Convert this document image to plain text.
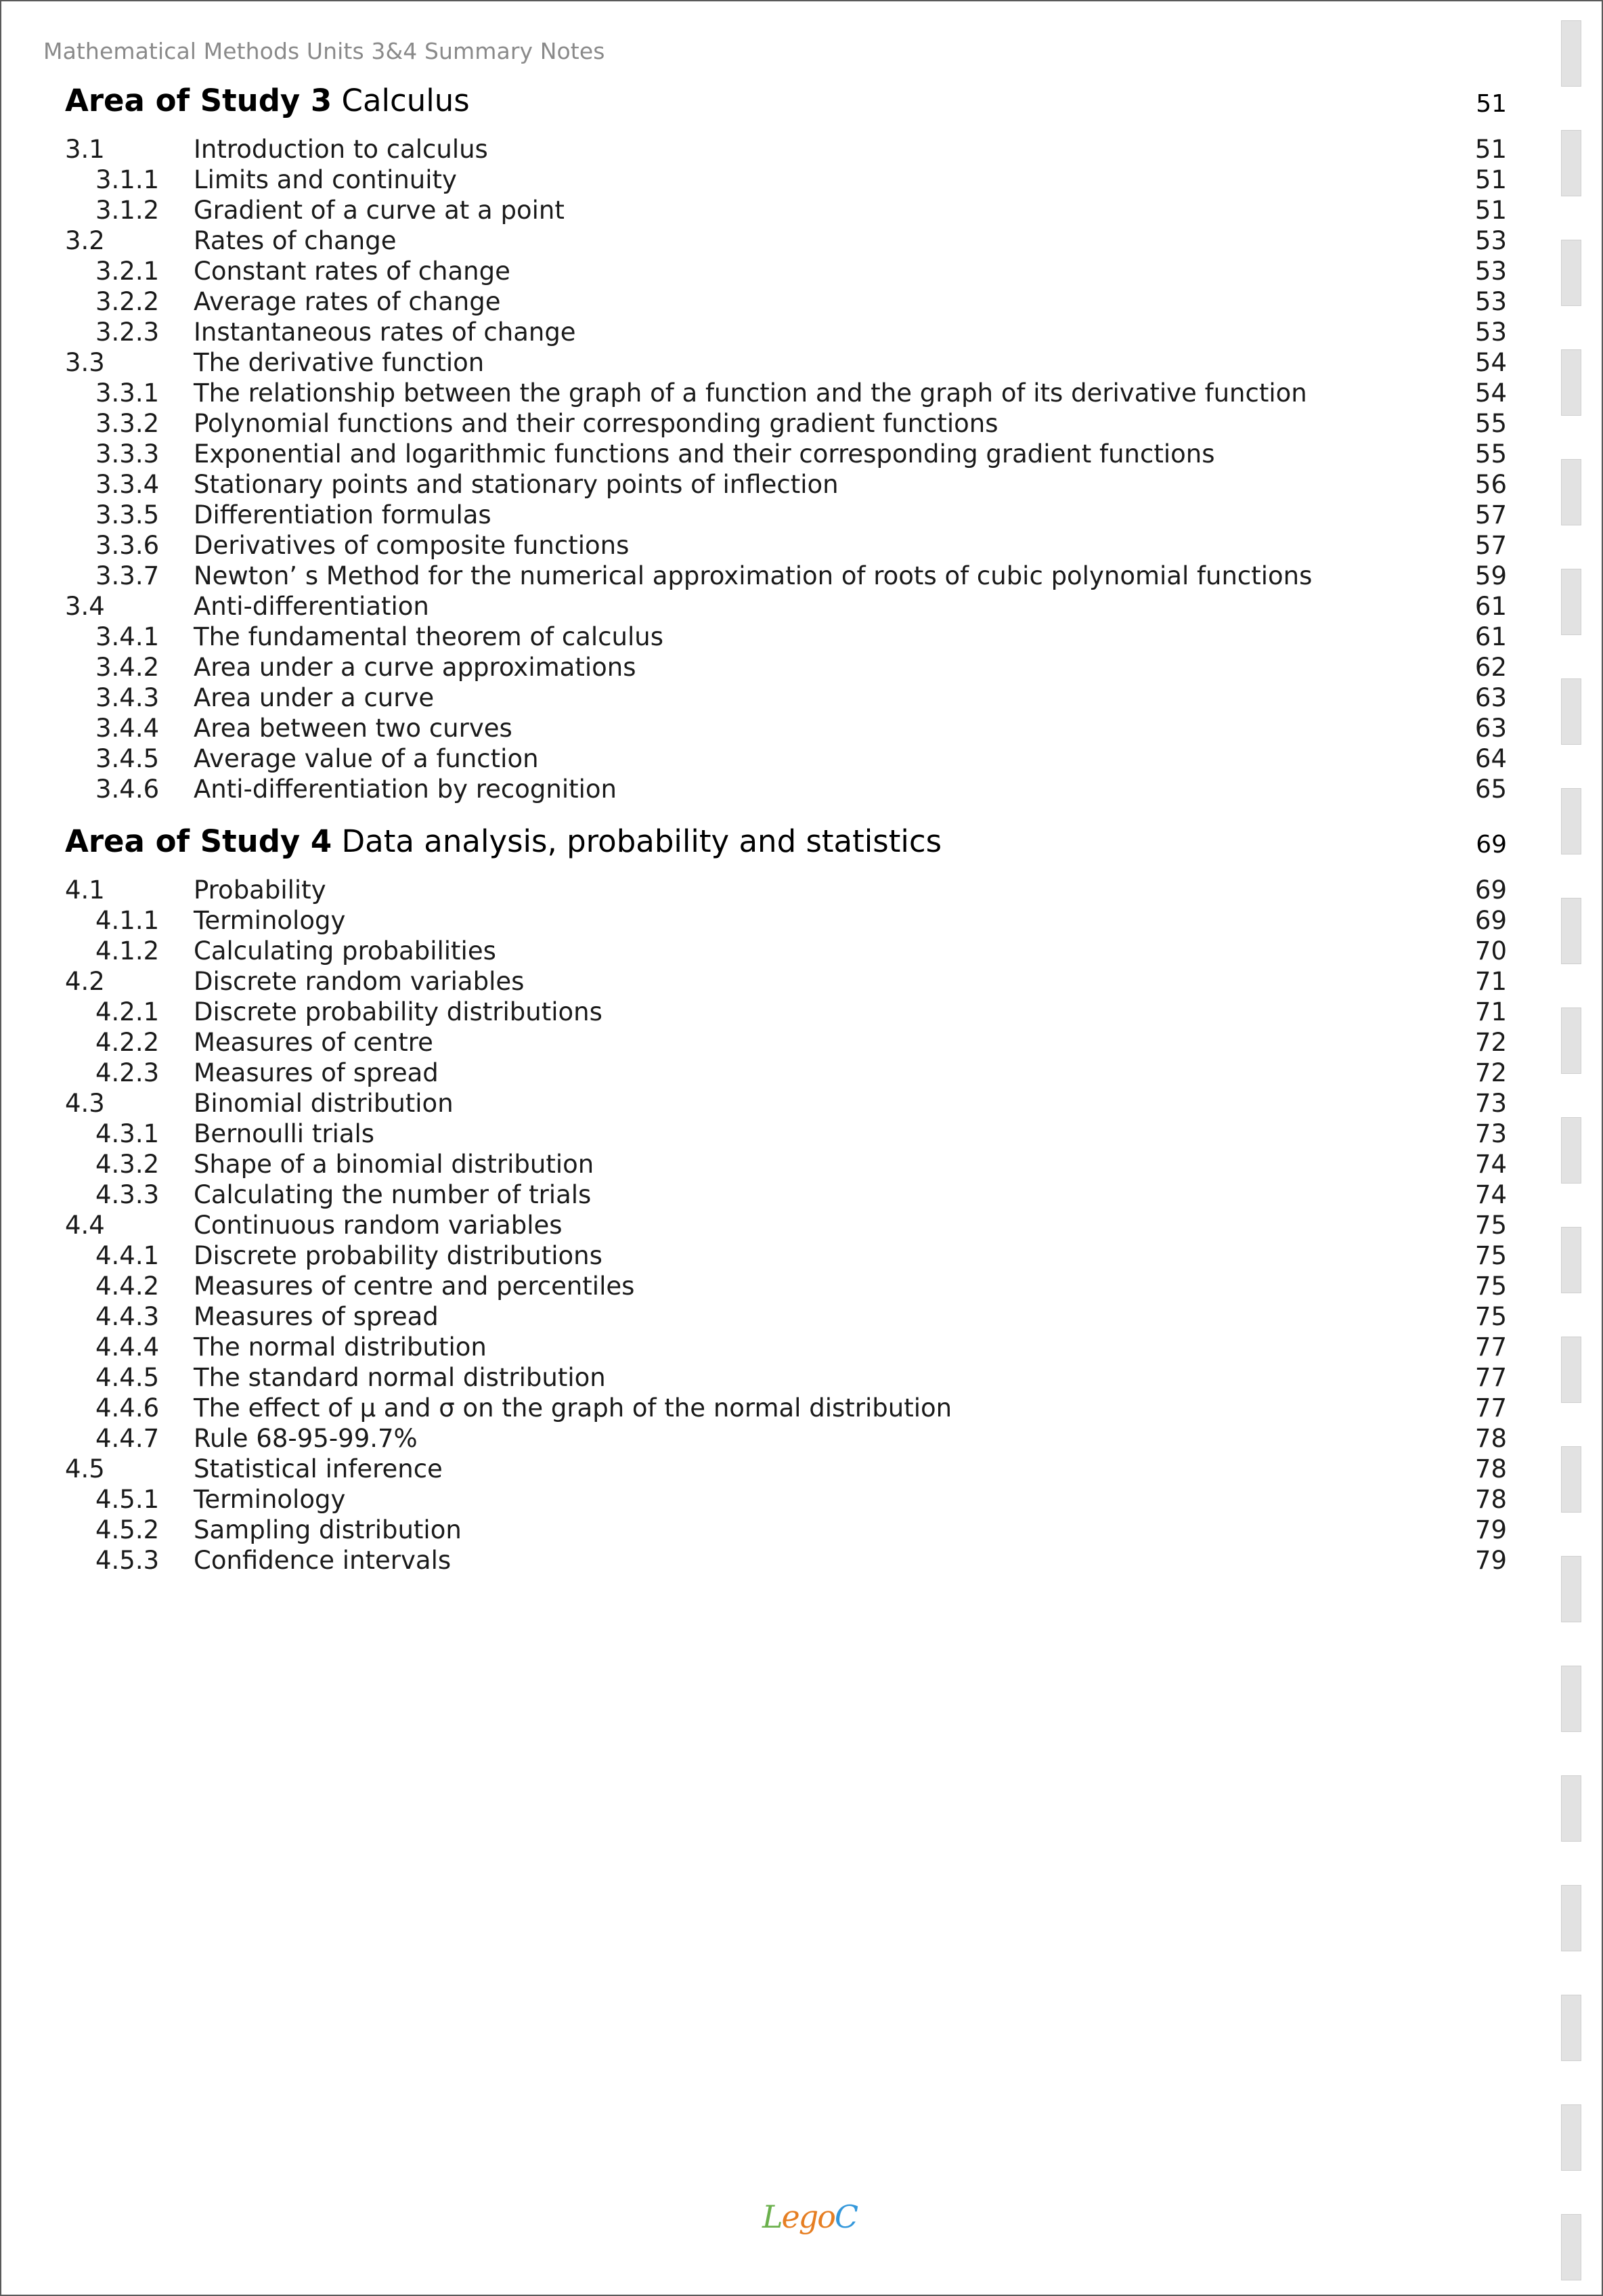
Mathematical Methods Units 3&4 Summary Notes
Area of Study 3 Calculus	51
3.1	Introduction to calculus	51
3.1.1 Limits and continuity	51
3.1.2 Gradient of a curve at a point	51
3.2	Rates of change	53
3.2.1 Constant rates of change	53
3.2.2 Average rates of change	53
3.2.3 Instantaneous rates of change	53
3.3	The derivative function	54
3.3.1 The relationship between the graph of a function and the graph of its derivative function	54
3.3.2 Polynomial functions and their corresponding gradient functions	55
3.3.3 Exponential and logarithmic functions and their corresponding gradient functions	55
3.3.4 Stationary points and stationary points of inflection	56
3.3.5 Differentiation formulas	57
3.3.6 Derivatives of composite functions	57
3.3.7 Newton’ s Method for the numerical approximation of roots of cubic polynomial functions	59
3.4	Anti-differentiation	61
3.4.1 The fundamental theorem of calculus	61
3.4.2 Area under a curve approximations	62
3.4.3 Area under a curve	63
3.4.4 Area between two curves	63
3.4.5 Average value of a function	64
3.4.6 Anti-differentiation by recognition	65
Area of Study 4 Data analysis, probability and statistics	69
4.1	Probability	69
4.1.1 Terminology	69
4.1.2 Calculating probabilities	70
4.2	Discrete random variables	71
4.2.1 Discrete probability distributions	71
4.2.2 Measures of centre	72
4.2.3 Measures of spread	72
4.3	Binomial distribution	73
4.3.1 Bernoulli trials	73
4.3.2 Shape of a binomial distribution	74
4.3.3 Calculating the number of trials	74
4.4	Continuous random variables	75
4.4.1 Discrete probability distributions	75
4.4.2 Measures of centre and percentiles	75
4.4.3 Measures of spread	75
4.4.4 The normal distribution	77
4.4.5 The standard normal distribution	77
4.4.6 The effect of μ and σ on the graph of the normal distribution	77
4.4.7 Rule 68-95-99.7%	78
4.5	Statistical inference	78
4.5.1 Terminology	78
4.5.2 Sampling distribution	79
4.5.3 Confidence intervals	79
LegoC
